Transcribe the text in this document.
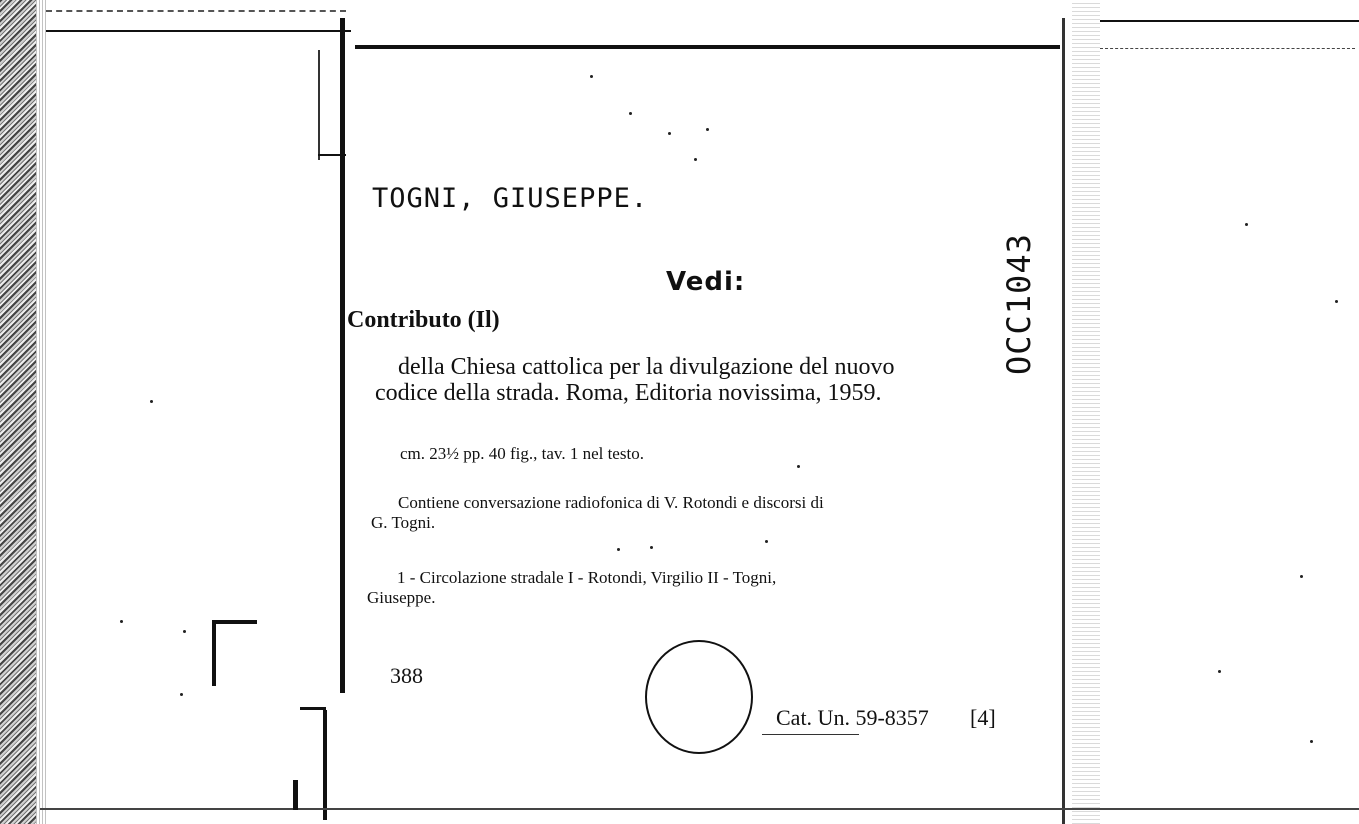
TOGNI, GIUSEPPE.
Vedi:
Contributo (Il)
della Chiesa cattolica per la divulgazione del nuovo
codice della strada. Roma, Editoria novissima, 1959.
cm. 23½ pp. 40 fig., tav. 1 nel testo.
Contiene conversazione radiofonica di V. Rotondi e discorsi di
G. Togni.
1 - Circolazione stradale I - Rotondi, Virgilio II - Togni,
Giuseppe.
388
Cat. Un. 59-8357 [4]
OCC1043
